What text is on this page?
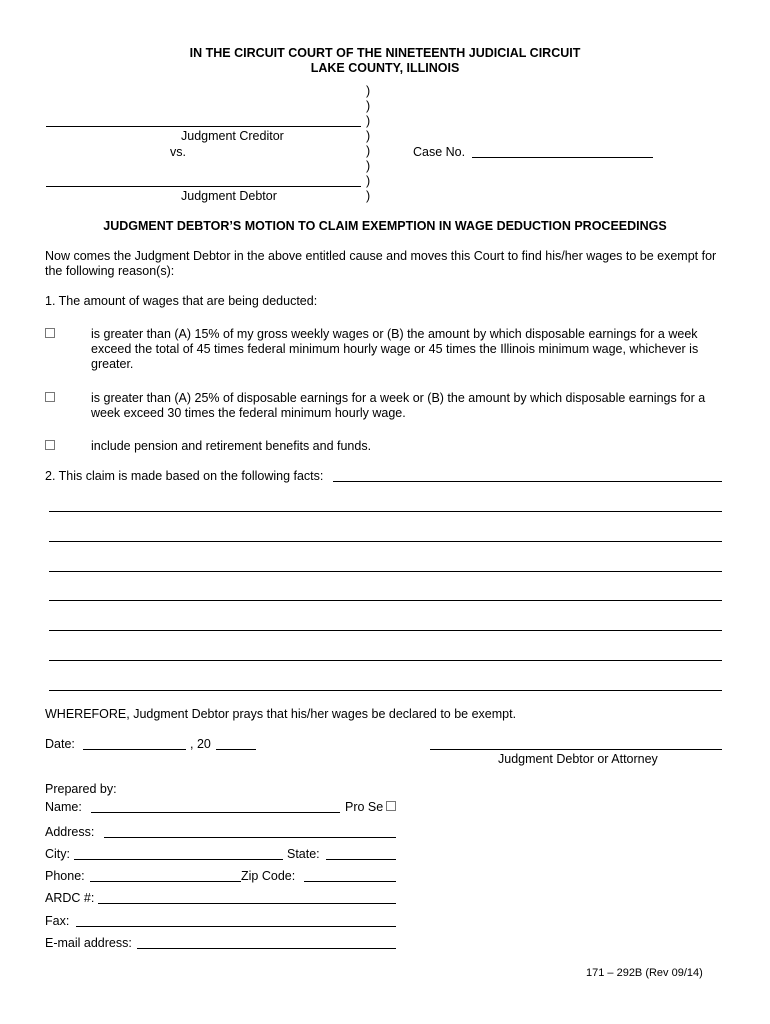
IN THE CIRCUIT COURT OF THE NINETEENTH JUDICIAL CIRCUIT
LAKE COUNTY, ILLINOIS
)
)
)
)
)
)
)
)
Judgment Creditor
vs.
Judgment Debtor
Case No.
JUDGMENT DEBTOR’S MOTION TO CLAIM EXEMPTION IN WAGE DEDUCTION PROCEEDINGS
Now comes the Judgment Debtor in the above entitled cause and moves this Court to find his/her wages to be exempt for the following reason(s):
1. The amount of wages that are being deducted:
is greater than (A) 15% of my gross weekly wages or (B) the amount by which disposable earnings for a week exceed the total of 45 times federal minimum hourly wage or 45 times the Illinois minimum wage, whichever is greater.
is greater than (A) 25% of disposable earnings for a week or (B) the amount by which disposable earnings for a week exceed 30 times the federal minimum hourly wage.
include pension and retirement benefits and funds.
2. This claim is made based on the following facts:
WHEREFORE, Judgment Debtor prays that his/her wages be declared to be exempt.
Date:	, 20
Judgment Debtor or Attorney
Prepared by:
Name:	Pro Se
Address:
City:	State:
Phone:	Zip Code:
ARDC #:
Fax:
E-mail address:
171 – 292B (Rev 09/14)
